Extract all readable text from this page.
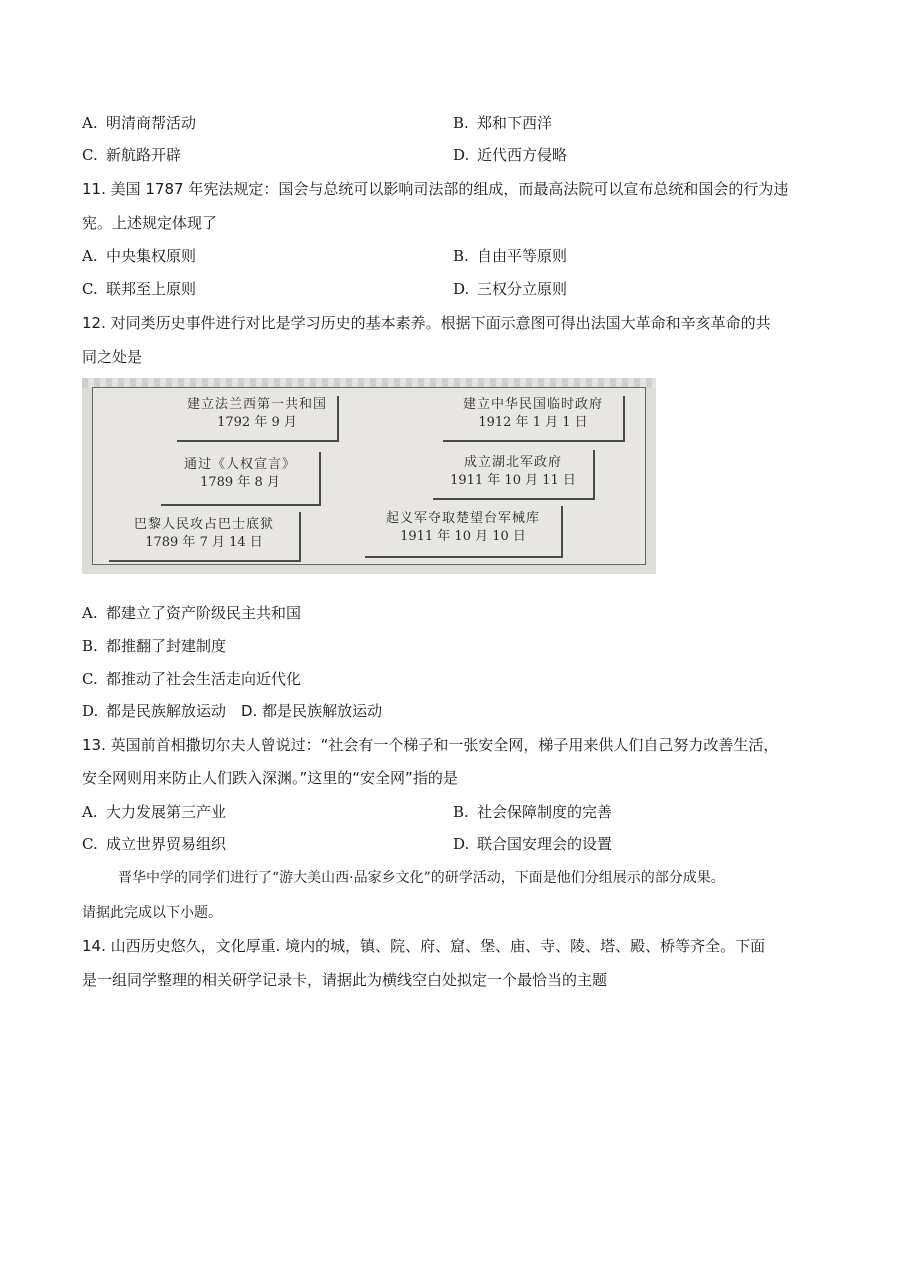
A. 明清商帮活动	B. 郑和下西洋
C. 新航路开辟	D. 近代西方侵略
11. 美国 1787 年宪法规定：国会与总统可以影响司法部的组成，而最高法院可以宣布总统和国会的行为违
宪。上述规定体现了
A. 中央集权原则	B. 自由平等原则
C. 联邦至上原则	D. 三权分立原则
12. 对同类历史事件进行对比是学习历史的基本素养。根据下面示意图可得出法国大革命和辛亥革命的共
同之处是
建立法兰西第一共和国
1792 年 9 月
通过《人权宣言》
1789 年 8 月
巴黎人民攻占巴士底狱
1789 年 7 月 14 日
建立中华民国临时政府
1912 年 1 月 1 日
成立湖北军政府
1911 年 10 月 11 日
起义军夺取楚望台军械库
1911 年 10 月 10 日
A. 都建立了资产阶级民主共和国
B. 都推翻了封建制度
C. 都推动了社会生活走向近代化
D. 都是民族解放运动　D. 都是民族解放运动
13. 英国前首相撒切尔夫人曾说过：“社会有一个梯子和一张安全网，梯子用来供人们自己努力改善生活，
安全网则用来防止人们跌入深渊。”这里的“安全网”指的是
A. 大力发展第三产业	B. 社会保障制度的完善
C. 成立世界贸易组织	D. 联合国安理会的设置
晋华中学的同学们进行了“游大美山西·品家乡文化”的研学活动，下面是他们分组展示的部分成果。
请据此完成以下小题。
14. 山西历史悠久，文化厚重. 境内的城，镇、院、府、窟、堡、庙、寺、陵、塔、殿、桥等齐全。下面
是一组同学整理的相关研学记录卡，请据此为横线空白处拟定一个最恰当的主题
